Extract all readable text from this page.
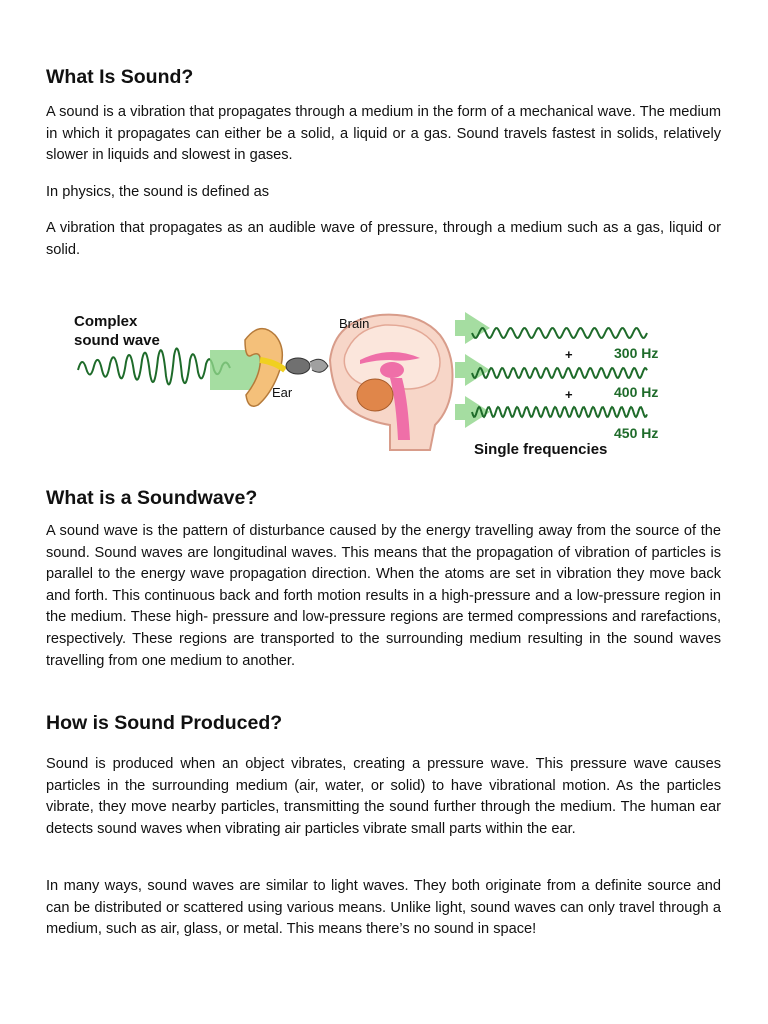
What Is Sound?

A sound is a vibration that propagates through a medium in the form of a mechanical wave. The medium in which it propagates can either be a solid, a liquid or a gas. Sound travels fastest in solids, relatively slower in liquids and slowest in gases.

In physics, the sound is defined as

A vibration that propagates as an audible wave of pressure, through a medium such as a gas, liquid or solid.

Complex
sound wave
Brain
Ear
+	300 Hz
+	400 Hz
450 Hz
Single frequencies
What is a Soundwave?

A sound wave is the pattern of disturbance caused by the energy travelling away from the source of the sound. Sound waves are longitudinal waves. This means that the propagation of vibration of particles is parallel to the energy wave propagation direction. When the atoms are set in vibration they move back and forth. This continuous back and forth motion results in a high-pressure and a low-pressure region in the medium. These high- pressure and low-pressure regions are termed compressions and rarefactions, respectively. These regions are transported to the surrounding medium resulting in the sound waves travelling from one medium to another.

How is Sound Produced?

Sound is produced when an object vibrates, creating a pressure wave. This pressure wave causes particles in the surrounding medium (air, water, or solid) to have vibrational motion. As the particles vibrate, they move nearby particles, transmitting the sound further through the medium. The human ear detects sound waves when vibrating air particles vibrate small parts within the ear.

In many ways, sound waves are similar to light waves. They both originate from a definite source and can be distributed or scattered using various means. Unlike light, sound waves can only travel through a medium, such as air, glass, or metal. This means there’s no sound in space!
